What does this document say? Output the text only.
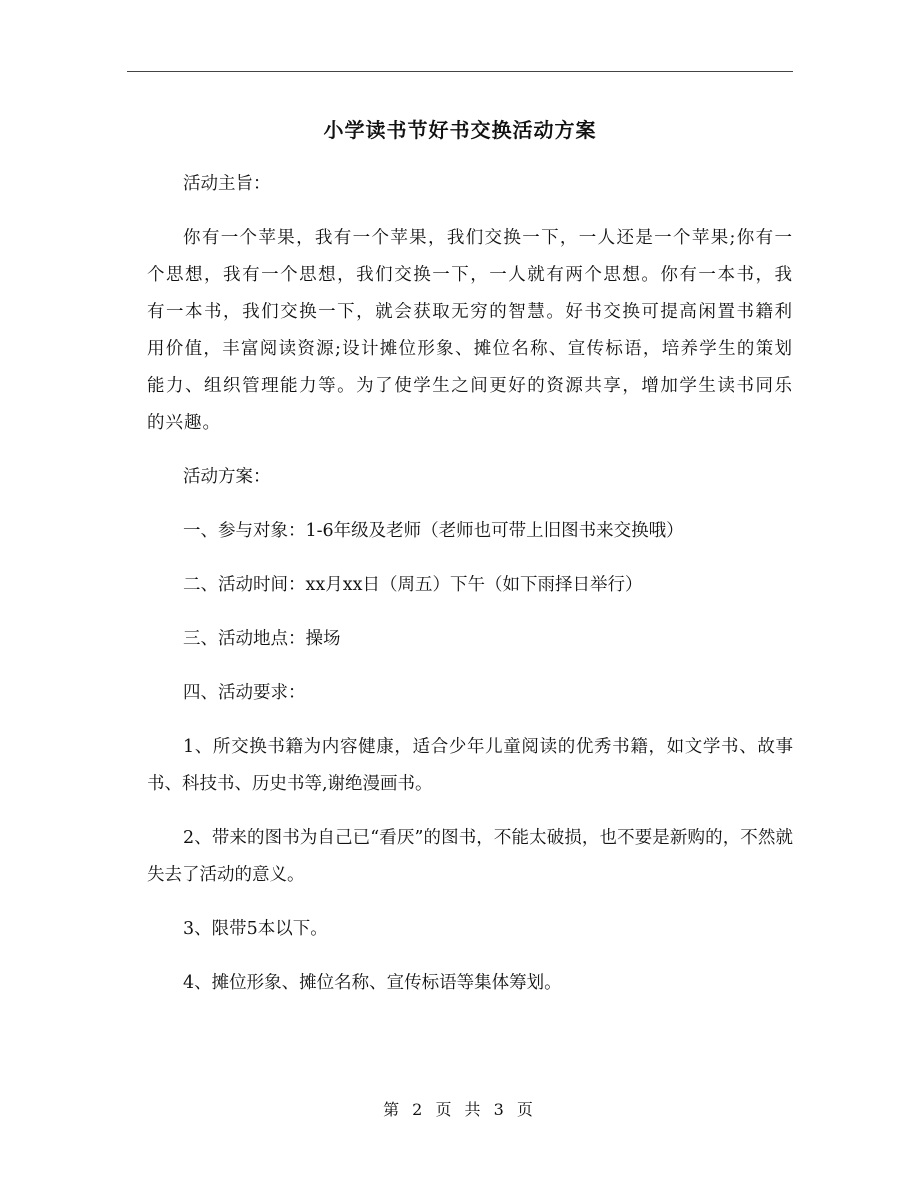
小学读书节好书交换活动方案

活动主旨：

你有一个苹果，我有一个苹果，我们交换一下，一人还是一个苹果;你有一个思想，我有一个思想，我们交换一下，一人就有两个思想。你有一本书，我有一本书，我们交换一下，就会获取无穷的智慧。好书交换可提高闲置书籍利用价值，丰富阅读资源;设计摊位形象、摊位名称、宣传标语，培养学生的策划能力、组织管理能力等。为了使学生之间更好的资源共享，增加学生读书同乐的兴趣。

活动方案：

一、参与对象：1-6年级及老师（老师也可带上旧图书来交换哦）

二、活动时间：xx月xx日（周五）下午（如下雨择日举行）

三、活动地点：操场

四、活动要求：

1、所交换书籍为内容健康，适合少年儿童阅读的优秀书籍，如文学书、故事书、科技书、历史书等,谢绝漫画书。

2、带来的图书为自己已“看厌”的图书，不能太破损，也不要是新购的，不然就失去了活动的意义。

3、限带5本以下。

4、摊位形象、摊位名称、宣传标语等集体筹划。

第 2 页 共 3 页
